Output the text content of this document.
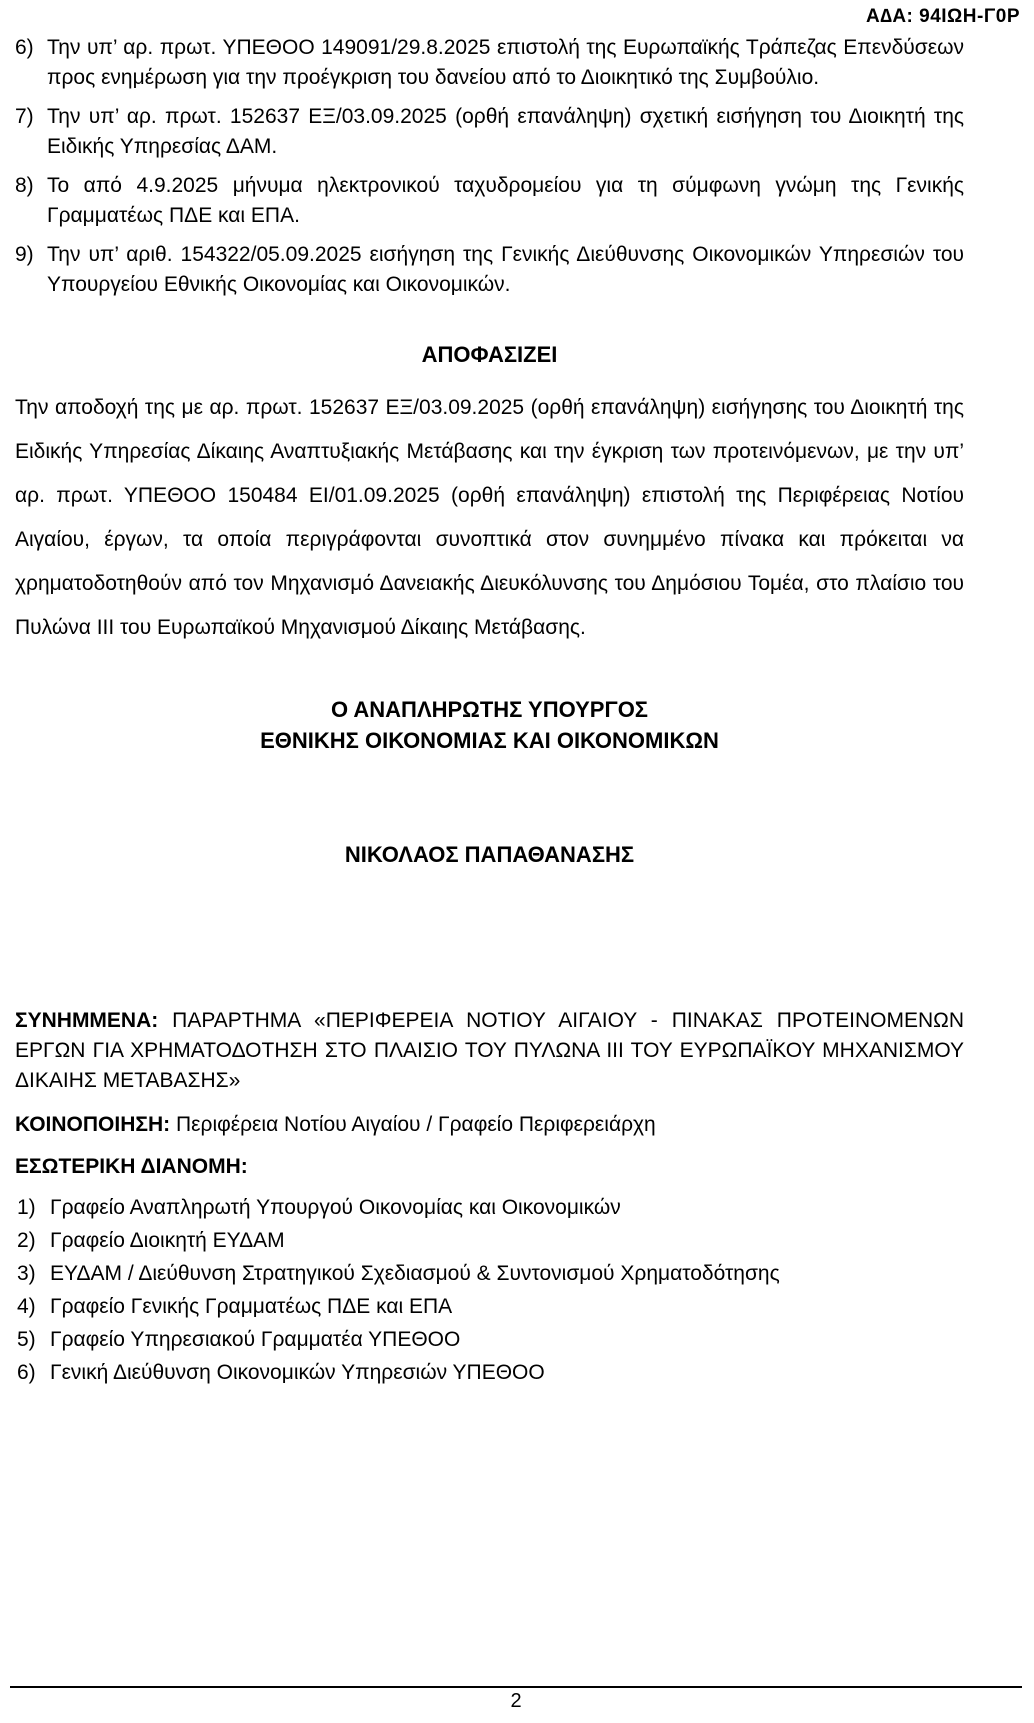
Α∆Α: 94ΙΩΗ-Γ0Ρ
6) Την υπ’ αρ. πρωτ. ΥΠΕΘΟΟ 149091/29.8.2025 επιστολή της Ευρωπαϊκής Τράπεζας Επενδύσεων προς ενημέρωση για την προέγκριση του δανείου από το Διοικητικό της Συμβούλιο.
7) Την υπ’ αρ. πρωτ. 152637 ΕΞ/03.09.2025 (ορθή επανάληψη) σχετική εισήγηση του Διοικητή της Ειδικής Υπηρεσίας ΔΑΜ.
8) Το από 4.9.2025 μήνυμα ηλεκτρονικού ταχυδρομείου για τη σύμφωνη γνώμη της Γενικής Γραμματέως ΠΔΕ και ΕΠΑ.
9) Την υπ’ αριθ. 154322/05.09.2025 εισήγηση της Γενικής Διεύθυνσης Οικονομικών Υπηρεσιών του Υπουργείου Εθνικής Οικονομίας και Οικονομικών.
ΑΠΟΦΑΣΙΖΕΙ

Την αποδοχή της με αρ. πρωτ. 152637 ΕΞ/03.09.2025 (ορθή επανάληψη) εισήγησης του Διοικητή της Ειδικής Υπηρεσίας Δίκαιης Αναπτυξιακής Μετάβασης και την έγκριση των προτεινόμενων, με την υπ’ αρ. πρωτ. ΥΠΕΘΟΟ 150484 ΕΙ/01.09.2025 (ορθή επανάληψη) επιστολή της Περιφέρειας Νοτίου Αιγαίου, έργων, τα οποία περιγράφονται συνοπτικά στον συνημμένο πίνακα και πρόκειται να χρηματοδοτηθούν από τον Μηχανισμό Δανειακής Διευκόλυνσης του Δημόσιου Τομέα, στο πλαίσιο του Πυλώνα ΙΙΙ του Ευρωπαϊκού Μηχανισμού Δίκαιης Μετάβασης.

Ο ΑΝΑΠΛΗΡΩΤΗΣ ΥΠΟΥΡΓΟΣ
ΕΘΝΙΚΗΣ ΟΙΚΟΝΟΜΙΑΣ ΚΑΙ ΟΙΚΟΝΟΜΙΚΩΝ
ΝΙΚΟΛΑΟΣ ΠΑΠΑΘΑΝΑΣΗΣ

ΣΥΝΗΜΜΕΝΑ: ΠΑΡΑΡΤΗΜΑ «ΠΕΡΙΦΕΡΕΙΑ ΝΟΤΙΟΥ ΑΙΓΑΙΟΥ - ΠΙΝΑΚΑΣ ΠΡΟΤΕΙΝΟΜΕΝΩΝ ΕΡΓΩΝ ΓΙΑ ΧΡΗΜΑΤΟΔΟΤΗΣΗ ΣΤΟ ΠΛΑΙΣΙΟ ΤΟΥ ΠΥΛΩΝΑ ΙΙΙ ΤΟΥ ΕΥΡΩΠΑΪΚΟΥ ΜΗΧΑΝΙΣΜΟΥ ΔΙΚΑΙΗΣ ΜΕΤΑΒΑΣΗΣ»

ΚΟΙΝΟΠΟΙΗΣΗ: Περιφέρεια Νοτίου Αιγαίου / Γραφείο Περιφερειάρχη

ΕΣΩΤΕΡΙΚΗ ΔΙΑΝΟΜΗ:
1) Γραφείο Αναπληρωτή Υπουργού Οικονομίας και Οικονομικών
2) Γραφείο Διοικητή ΕΥΔΑΜ
3) ΕΥΔΑΜ / Διεύθυνση Στρατηγικού Σχεδιασμού & Συντονισμού Χρηματοδότησης
4) Γραφείο Γενικής Γραμματέως ΠΔΕ και ΕΠΑ
5) Γραφείο Υπηρεσιακού Γραμματέα ΥΠΕΘΟΟ
6) Γενική Διεύθυνση Οικονομικών Υπηρεσιών ΥΠΕΘΟΟ
2
